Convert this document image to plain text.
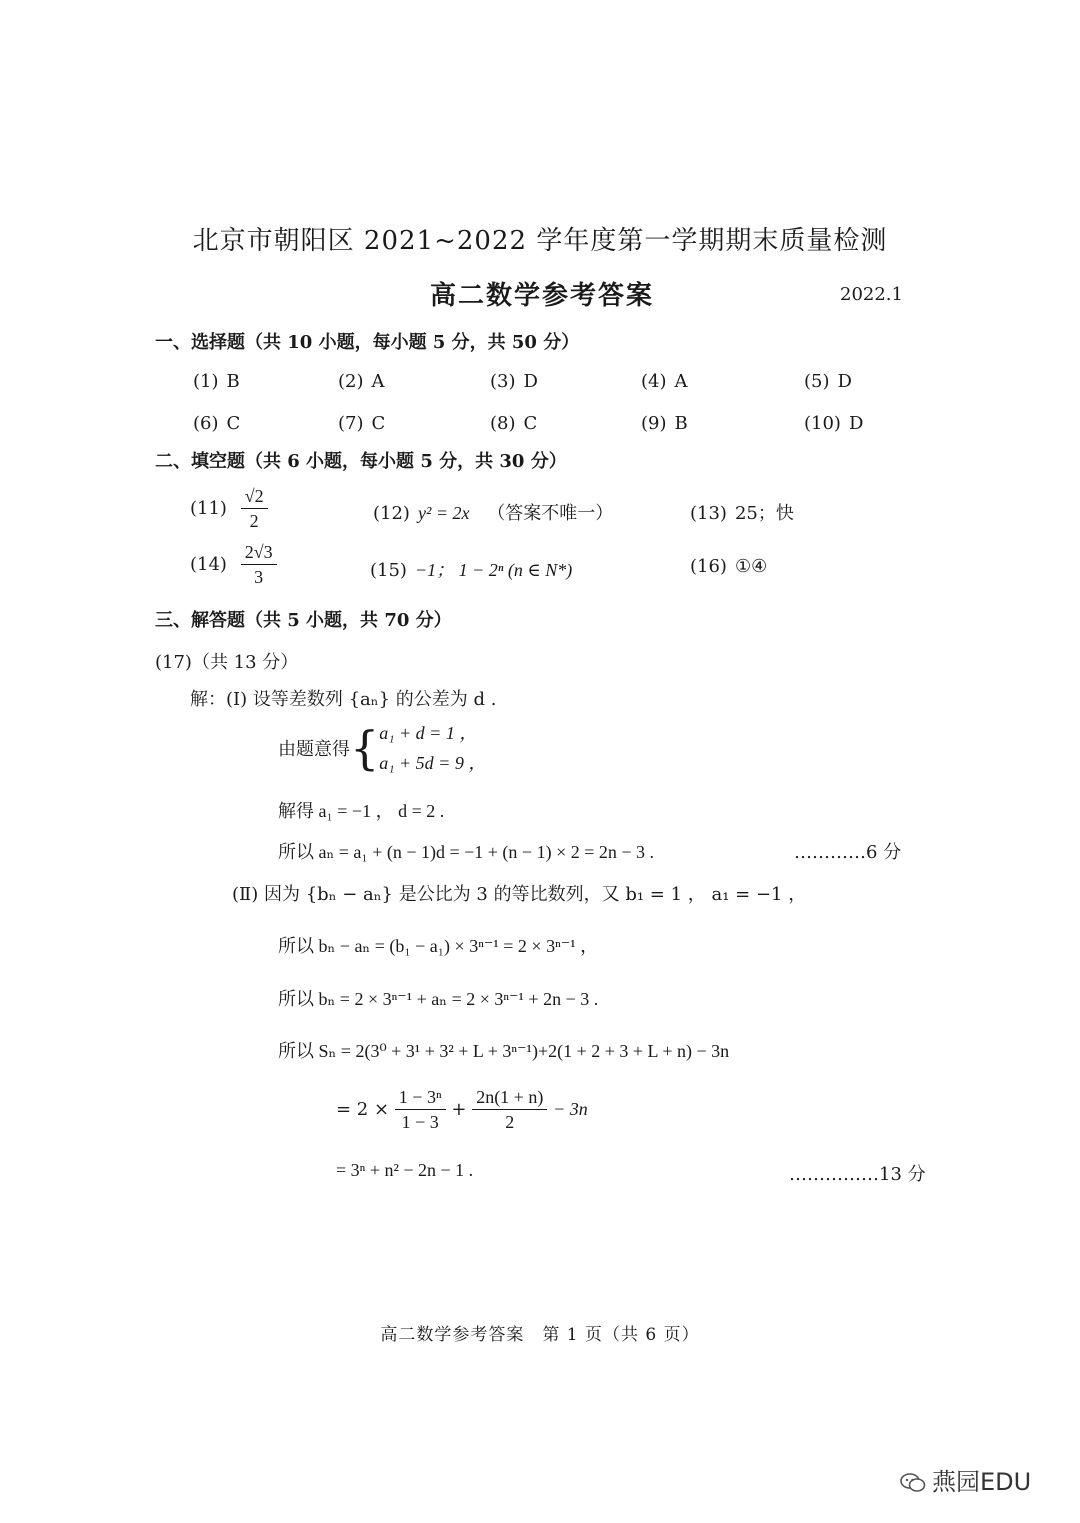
北京市朝阳区 2021~2022 学年度第一学期期末质量检测
高二数学参考答案	2022.1
一、选择题（共 10 小题，每小题 5 分，共 50 分）
(1) B	(2) A	(3) D	(4) A	(5) D
(6) C	(7) C	(8) C	(9) B	(10) D
二、填空题（共 6 小题，每小题 5 分，共 30 分）
$(11) \frac{√2}{2}$	(12) y² = 2x （答案不唯一）	(13) 25；快
$(14) \frac{2√3}{3}$	(15) −1； 1 − 2ⁿ (n ∈ N*)	(16) ①④
三、解答题（共 5 小题，共 70 分）
(17)（共 13 分）
解：(Ⅰ) 设等差数列 {aₙ} 的公差为 d .
由题意得{ a₁ + d = 1 ，
a₁ + 5d = 9 ，
解得 a₁ = −1 ， d = 2 .
所以 aₙ = a₁ + (n − 1)d = −1 + (n − 1) × 2 = 2n − 3 .	…………6 分
(Ⅱ) 因为 {bₙ − aₙ} 是公比为 3 的等比数列，又 b₁ = 1 ， a₁ = −1 ，
所以 bₙ − aₙ = (b₁ − a₁) × 3ⁿ⁻¹ = 2 × 3ⁿ⁻¹ ，
所以 bₙ = 2 × 3ⁿ⁻¹ + aₙ = 2 × 3ⁿ⁻¹ + 2n − 3 .
所以 Sₙ = 2(3⁰ + 3¹ + 3² + L + 3ⁿ⁻¹)+2(1 + 2 + 3 + L + n) − 3n
= $2 \times \frac{\text{1 − 3ⁿ}}{1 - 3} + \frac{2n(1 + n)}{2} - 3n$
= 3ⁿ + n² − 2n − 1 .	……………13 分
高二数学参考答案　第 1 页（共 6 页）
燕园EDU
